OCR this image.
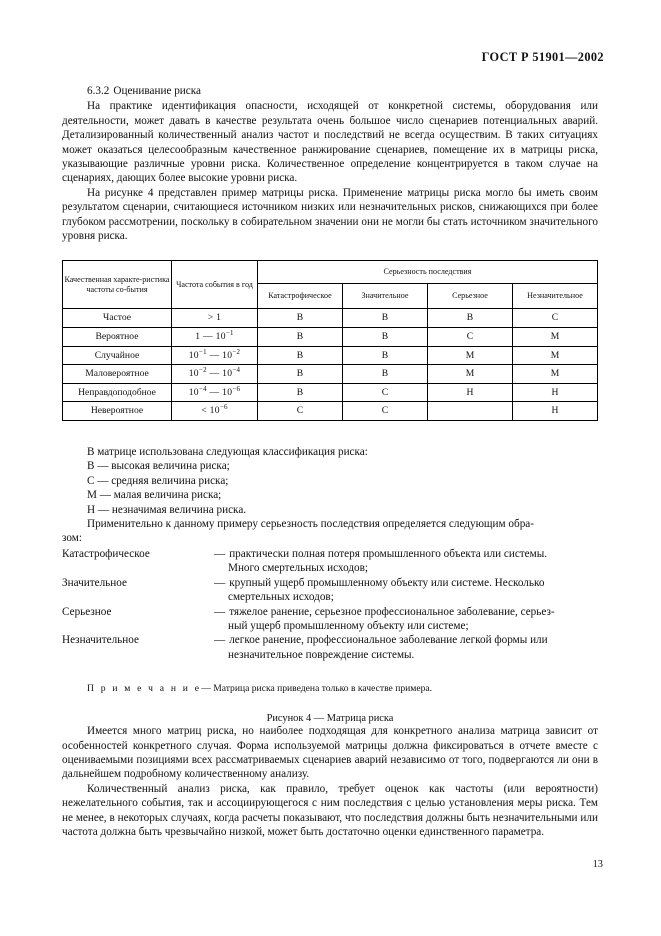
ГОСТ Р 51901—2002
6.3.2 Оценивание риска

На практике идентификация опасности, исходящей от конкретной системы, оборудования или деятельности, может давать в качестве результата очень большое число сценариев потенциальных аварий. Детализированный количественный анализ частот и последствий не всегда осуществим. В таких ситуациях может оказаться целесообразным качественное ранжирование сценариев, помещение их в матрицы риска, указывающие различные уровни риска. Количественное определение концентрируется в таком случае на сценариях, дающих более высокие уровни риска.

На рисунке 4 представлен пример матрицы риска. Применение матрицы риска могло бы иметь своим результатом сценарии, считающиеся источником низких или незначительных рисков, снижающихся при более глубоком рассмотрении, поскольку в собирательном значении они не могли бы стать источником значительного уровня риска.

Качественная характе-ристика частоты со-бытия	Частота события в год	Серьезность последствия			
		Катастрофическое	Значительное	Серьезное	Незначительное
Частое	> 1	В	В	В	С
Вероятное	1 — $10^{-1}$	В	В	С	М
Случайное	$10^{-1}$ — $10^{-2}$	В	В	М	М
Маловероятное	$10^{-2}$ — $10^{-4}$	В	В	М	М
Неправдоподобное	$10^{-4}$ — $10^{-6}$	В	С	Н	Н
Невероятное	< $10^{-6}$	С	С		Н
В матрице использована следующая классификация риска:
В — высокая величина риска;
С — средняя величина риска;
М — малая величина риска;
Н — незначимая величина риска.
Применительно к данному примеру серьезность последствия определяется следующим обра-
зом:
Катастрофическое	— практически полная потеря промышленного объекта или системы.
Много смертельных исходов;
Значительное	— крупный ущерб промышленному объекту или системе. Несколько
смертельных исходов;
Серьезное	— тяжелое ранение, серьезное профессиональное заболевание, серьез-
ный ущерб промышленному объекту или системе;
Незначительное	— легкое ранение, профессиональное заболевание легкой формы или
незначительное повреждение системы.
П р и м е ч а н и е— Матрица риска приведена только в качестве примера.
Рисунок 4 — Матрица риска

Имеется много матриц риска, но наиболее подходящая для конкретного анализа матрица зависит от особенностей конкретного случая. Форма используемой матрицы должна фиксироваться в отчете вместе с оцениваемыми позициями всех рассматриваемых сценариев аварий независимо от того, подвергаются ли они в дальнейшем подробному количественному анализу.

Количественный анализ риска, как правило, требует оценок как частоты (или вероятности) нежелательного события, так и ассоциирующегося с ним последствия с целью установления меры риска. Тем не менее, в некоторых случаях, когда расчеты показывают, что последствия должны быть незначительными или частота должна быть чрезвычайно низкой, может быть достаточно оценки единственного параметра.

13
